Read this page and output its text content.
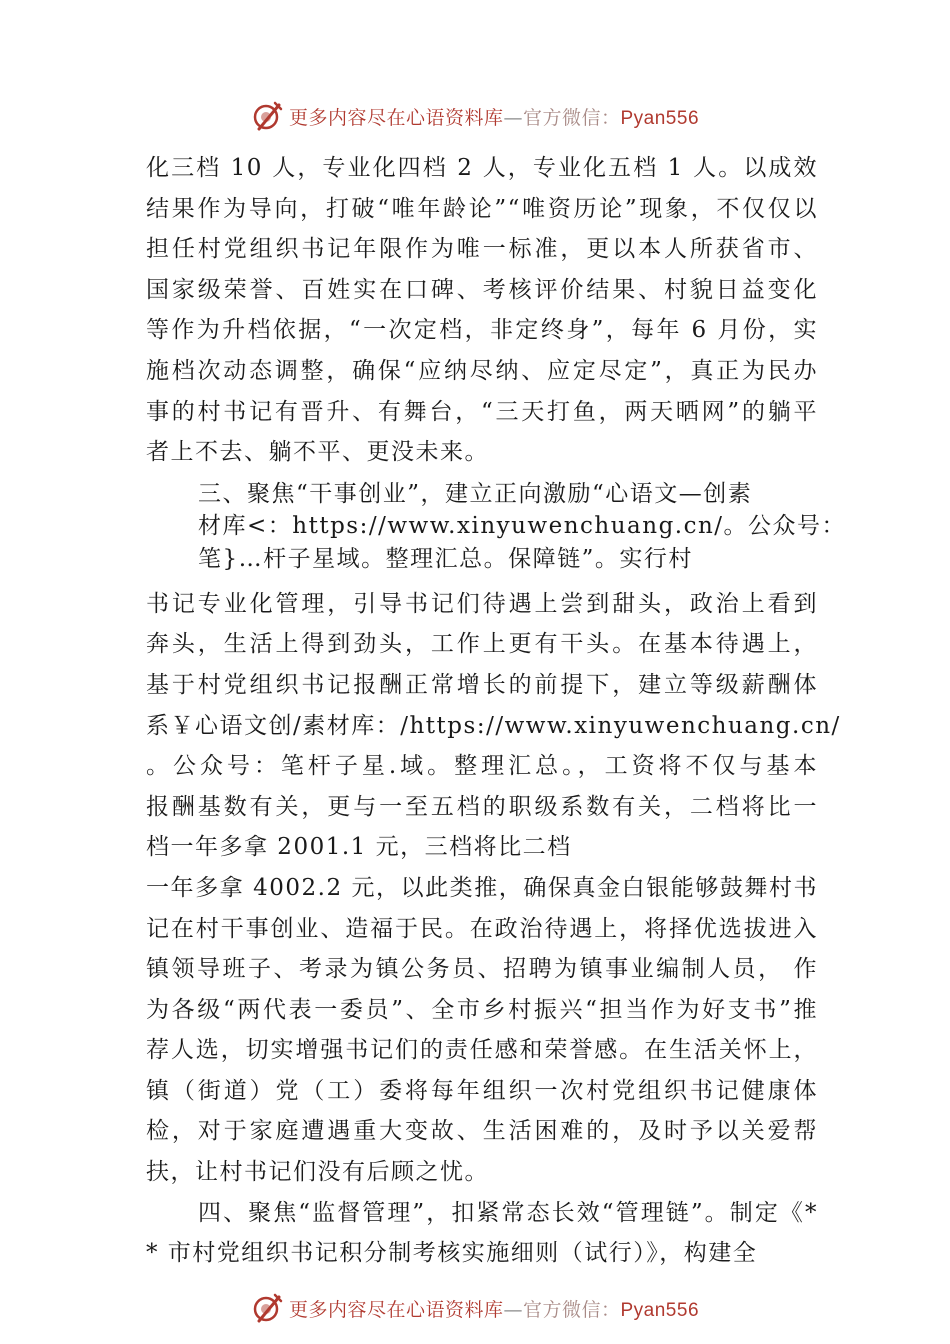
更多内容尽在心语资料库—官方微信：Pyan556
化三档 10 人，专业化四档 2 人，专业化五档 1 人。以成效
结果作为导向，打破“唯年龄论”“唯资历论”现象，不仅仅以
担任村党组织书记年限作为唯一标准，更以本人所获省市、
国家级荣誉、百姓实在口碑、考核评价结果、村貌日益变化
等作为升档依据，“一次定档，非定终身”，每年 6 月份，实
施档次动态调整，确保“应纳尽纳、应定尽定”，真正为民办
事的村书记有晋升、有舞台，“三天打鱼，两天晒网”的躺平
者上不去、躺不平、更没未来。
三、聚焦“干事创业”，建立正向激励“心语文—创素
材库<：https://www.xinyuwenchuang.cn/。公众号：
笔}…杆子星域。整理汇总。保障链”。实行村
书记专业化管理，引导书记们待遇上尝到甜头，政治上看到
奔头，生活上得到劲头，工作上更有干头。在基本待遇上，
基于村党组织书记报酬正常增长的前提下，建立等级薪酬体
系￥心语文创/素材库：/https://www.xinyuwenchuang.cn/
。公众号：笔杆子星.域。整理汇总。，工资将不仅与基本
报酬基数有关，更与一至五档的职级系数有关，二档将比一
档一年多拿 2001.1 元，三档将比二档
一年多拿 4002.2 元，以此类推，确保真金白银能够鼓舞村书
记在村干事创业、造福于民。在政治待遇上，将择优选拔进入
镇领导班子、考录为镇公务员、招聘为镇事业编制人员， 作
为各级“两代表一委员”、全市乡村振兴“担当作为好支书”推
荐人选，切实增强书记们的责任感和荣誉感。在生活关怀上，
镇（街道）党（工）委将每年组织一次村党组织书记健康体
检，对于家庭遭遇重大变故、生活困难的，及时予以关爱帮
扶，让村书记们没有后顾之忧。
四、聚焦“监督管理”，扣紧常态长效“管理链”。制定《*
* 市村党组织书记积分制考核实施细则（试行）》，构建全
更多内容尽在心语资料库—官方微信：Pyan556
